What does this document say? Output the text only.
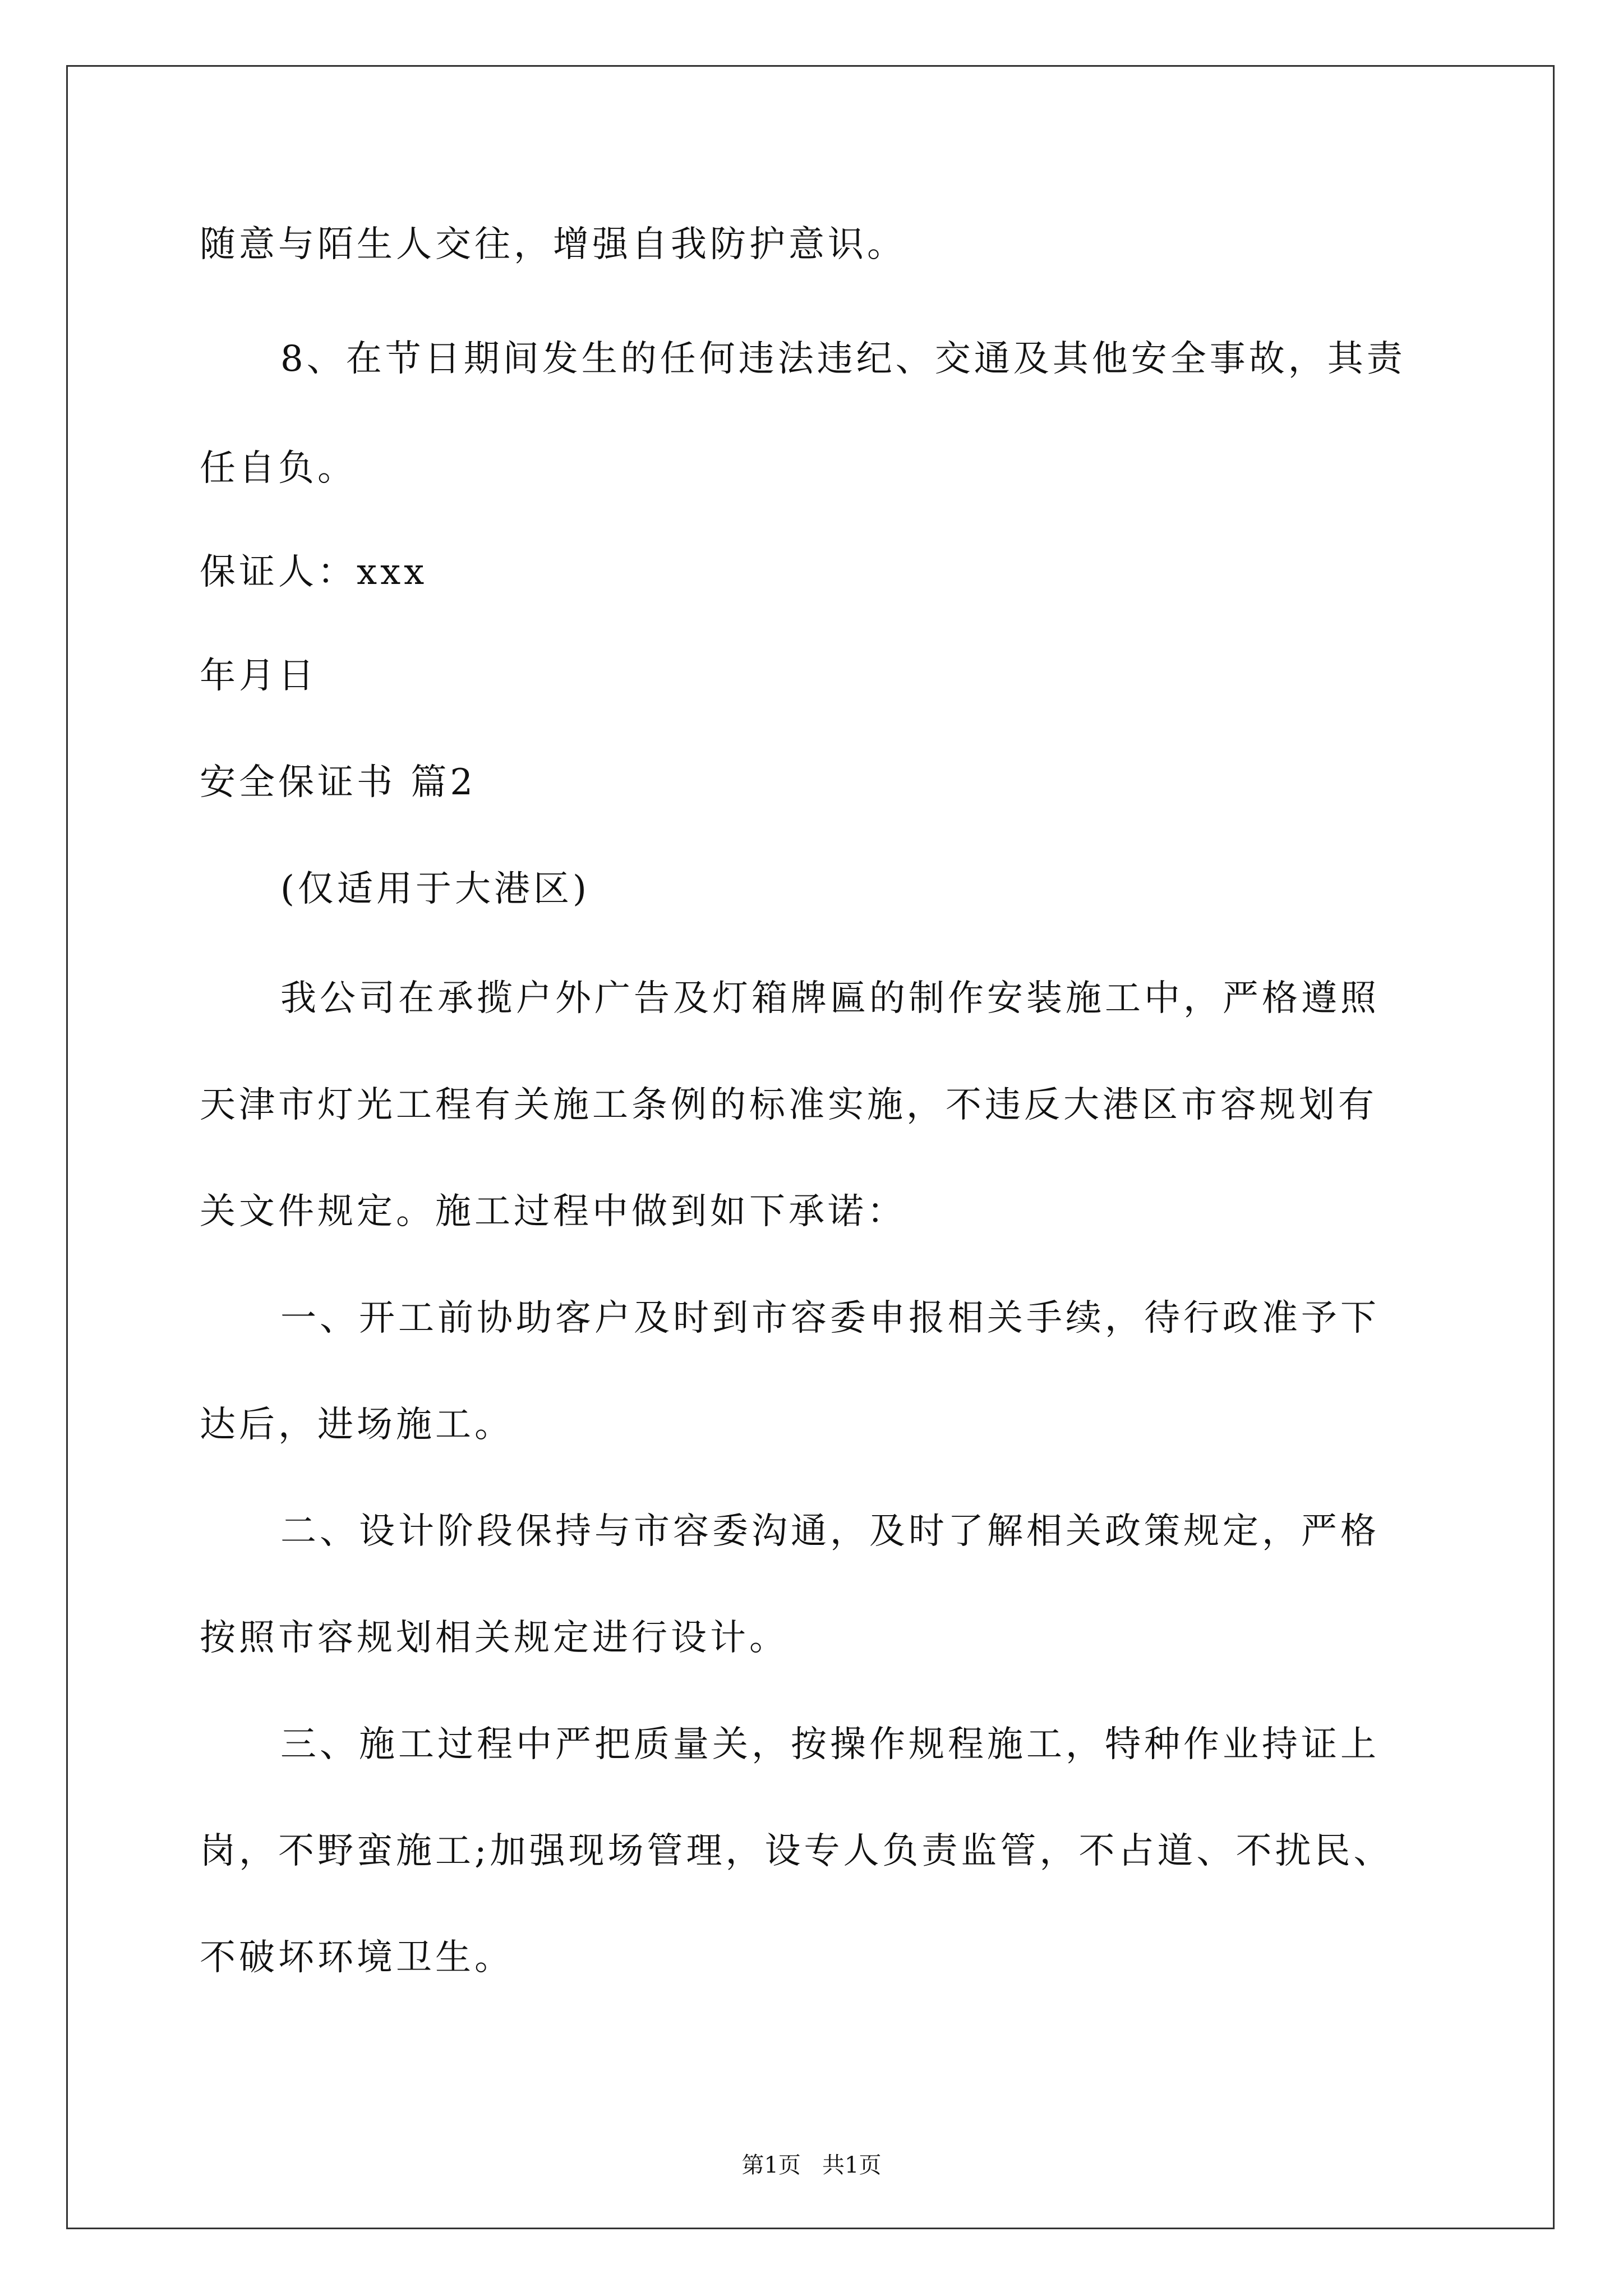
随意与陌生人交往，增强自我防护意识。
8、在节日期间发生的任何违法违纪、交通及其他安全事故，其责
任自负。
保证人：xxx
年月日
安全保证书 篇2
(仅适用于大港区)
我公司在承揽户外广告及灯箱牌匾的制作安装施工中，严格遵照
天津市灯光工程有关施工条例的标准实施，不违反大港区市容规划有
关文件规定。施工过程中做到如下承诺：
一、开工前协助客户及时到市容委申报相关手续，待行政准予下
达后，进场施工。
二、设计阶段保持与市容委沟通，及时了解相关政策规定，严格
按照市容规划相关规定进行设计。
三、施工过程中严把质量关，按操作规程施工，特种作业持证上
岗，不野蛮施工;加强现场管理，设专人负责监管，不占道、不扰民、
不破坏环境卫生。
第1页   共1页
